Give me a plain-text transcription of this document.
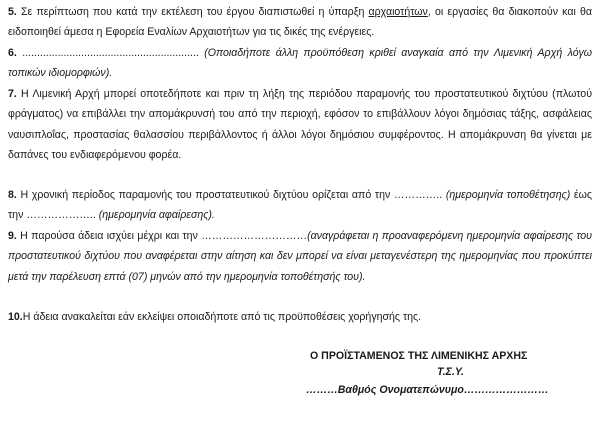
5. Σε περίπτωση που κατά την εκτέλεση του έργου διαπιστωθεί η ύπαρξη αρχαιοτήτων, οι εργασίες θα διακοπούν και θα ειδοποιηθεί άμεσα η Εφορεία Εναλίων Αρχαιοτήτων για τις δικές της ενέργειες.

6. ............................................................ (Οποιαδήποτε άλλη προϋπόθεση κριθεί αναγκαία από την Λιμενική Αρχή λόγω τοπικών ιδιομορφιών).

7. Η Λιμενική Αρχή μπορεί οποτεδήποτε και πριν τη λήξη της περιόδου παραμονής του προστατευτικού διχτύου (πλωτού φράγματος) να επιβάλλει την απομάκρυνσή του από την περιοχή, εφόσον το επιβάλλουν λόγοι δημόσιας τάξης, ασφάλειας ναυσιπλοΐας, προστασίας θαλασσίου περιβάλλοντος ή άλλοι λόγοι δημόσιου συμφέροντος. Η απομάκρυνση θα γίνεται με δαπάνες του ενδιαφερόμενου φορέα.

8. Η χρονική περίοδος παραμονής του προστατευτικού διχτύου ορίζεται από την ………….. (ημερομηνία τοποθέτησης) έως την ……………….. (ημερομηνία αφαίρεσης).

9. Η παρούσα άδεια ισχύει μέχρι και την …………………………(αναγράφεται η προαναφερόμενη ημερομηνία αφαίρεσης του προστατευτικού διχτύου που αναφέρεται στην αίτηση και δεν μπορεί να είναι μεταγενέστερη της ημερομηνίας που προκύπτει μετά την παρέλευση επτά (07) μηνών από την ημερομηνία τοποθέτησής του).

10.Η άδεια ανακαλείται εάν εκλείψει οποιαδήποτε από τις προϋποθέσεις χορήγησής της.

Ο ΠΡΟΪΣΤΑΜΕΝΟΣ ΤΗΣ ΛΙΜΕΝΙΚΗΣ ΑΡΧΗΣ
Τ.Σ.Υ.
………Βαθμός Ονοματεπώνυμο……………………
